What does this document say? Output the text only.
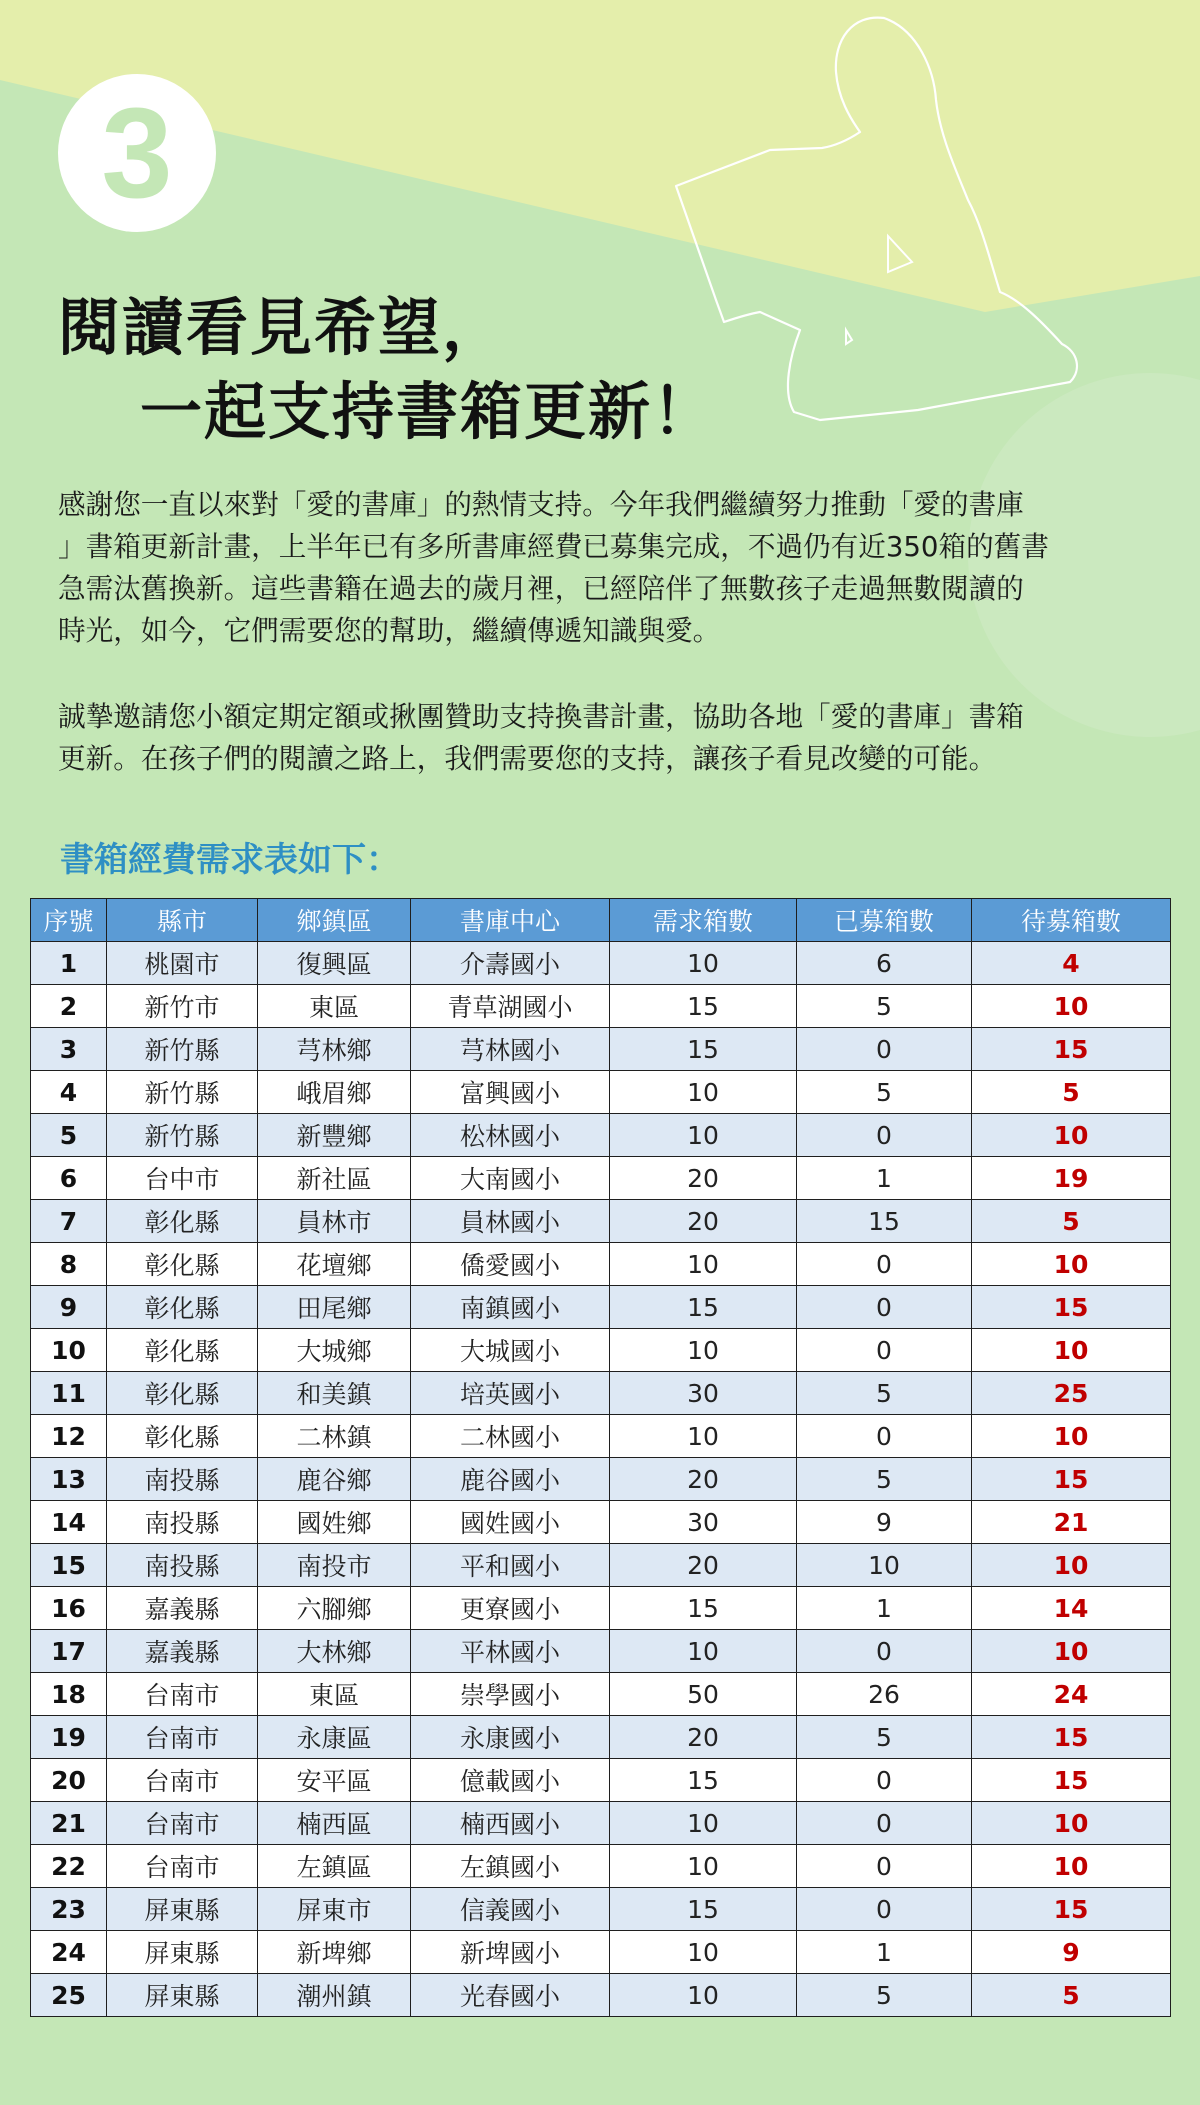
3
閱讀看見希望，
一起支持書箱更新！
感謝您一直以來對「愛的書庫」的熱情支持。今年我們繼續努力推動「愛的書庫
」書箱更新計畫，上半年已有多所書庫經費已募集完成，不過仍有近350箱的舊書
急需汰舊換新。這些書籍在過去的歲月裡，已經陪伴了無數孩子走過無數閱讀的
時光，如今，它們需要您的幫助，繼續傳遞知識與愛。
誠摯邀請您小額定期定額或揪團贊助支持換書計畫，協助各地「愛的書庫」書箱
更新。在孩子們的閱讀之路上，我們需要您的支持，讓孩子看見改變的可能。
書箱經費需求表如下：
序號	縣市	鄉鎮區	書庫中心	需求箱數	已募箱數	待募箱數
1	桃園市	復興區	介壽國小	10	6	4
2	新竹市	東區	青草湖國小	15	5	10
3	新竹縣	芎林鄉	芎林國小	15	0	15
4	新竹縣	峨眉鄉	富興國小	10	5	5
5	新竹縣	新豐鄉	松林國小	10	0	10
6	台中市	新社區	大南國小	20	1	19
7	彰化縣	員林市	員林國小	20	15	5
8	彰化縣	花壇鄉	僑愛國小	10	0	10
9	彰化縣	田尾鄉	南鎮國小	15	0	15
10	彰化縣	大城鄉	大城國小	10	0	10
11	彰化縣	和美鎮	培英國小	30	5	25
12	彰化縣	二林鎮	二林國小	10	0	10
13	南投縣	鹿谷鄉	鹿谷國小	20	5	15
14	南投縣	國姓鄉	國姓國小	30	9	21
15	南投縣	南投市	平和國小	20	10	10
16	嘉義縣	六腳鄉	更寮國小	15	1	14
17	嘉義縣	大林鄉	平林國小	10	0	10
18	台南市	東區	崇學國小	50	26	24
19	台南市	永康區	永康國小	20	5	15
20	台南市	安平區	億載國小	15	0	15
21	台南市	楠西區	楠西國小	10	0	10
22	台南市	左鎮區	左鎮國小	10	0	10
23	屏東縣	屏東市	信義國小	15	0	15
24	屏東縣	新埤鄉	新埤國小	10	1	9
25	屏東縣	潮州鎮	光春國小	10	5	5
